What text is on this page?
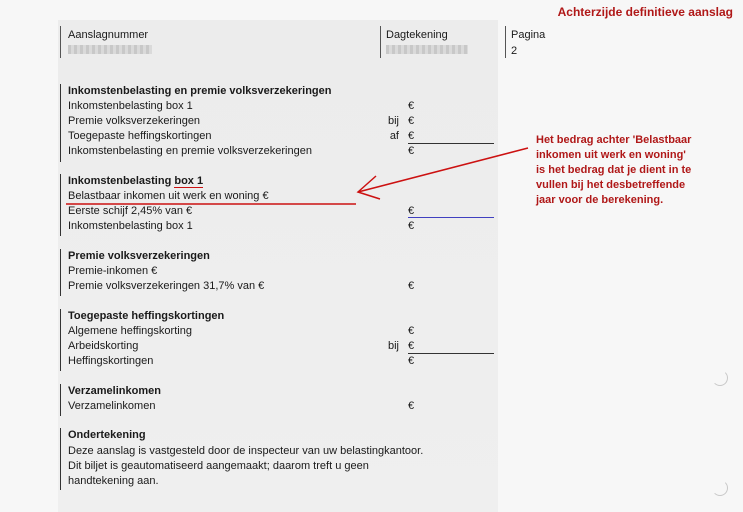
Achterzijde definitieve aanslag
Aanslagnummer	Dagtekening	Pagina
2
Inkomstenbelasting en premie volksverzekeringen
Inkomstenbelasting box 1	€
Premie volksverzekeringen	bij €
Toegepaste heffingskortingen	af €
Inkomstenbelasting en premie volksverzekeringen	€
Inkomstenbelasting box 1
Belastbaar inkomen uit werk en woning €
Eerste schijf 2,45% van €	€
Inkomstenbelasting box 1	€
Premie volksverzekeringen
Premie-inkomen €
Premie volksverzekeringen 31,7% van €	€
Toegepaste heffingskortingen
Algemene heffingskorting	€
Arbeidskorting	bij €
Heffingskortingen	€
Verzamelinkomen
Verzamelinkomen	€
Ondertekening
Deze aanslag is vastgesteld door de inspecteur van uw belastingkantoor.
Dit biljet is geautomatiseerd aangemaakt; daarom treft u geen
handtekening aan.
Het bedrag achter 'Belastbaar
inkomen uit werk en woning'
is het bedrag dat je dient in te
vullen bij het desbetreffende
jaar voor de berekening.
